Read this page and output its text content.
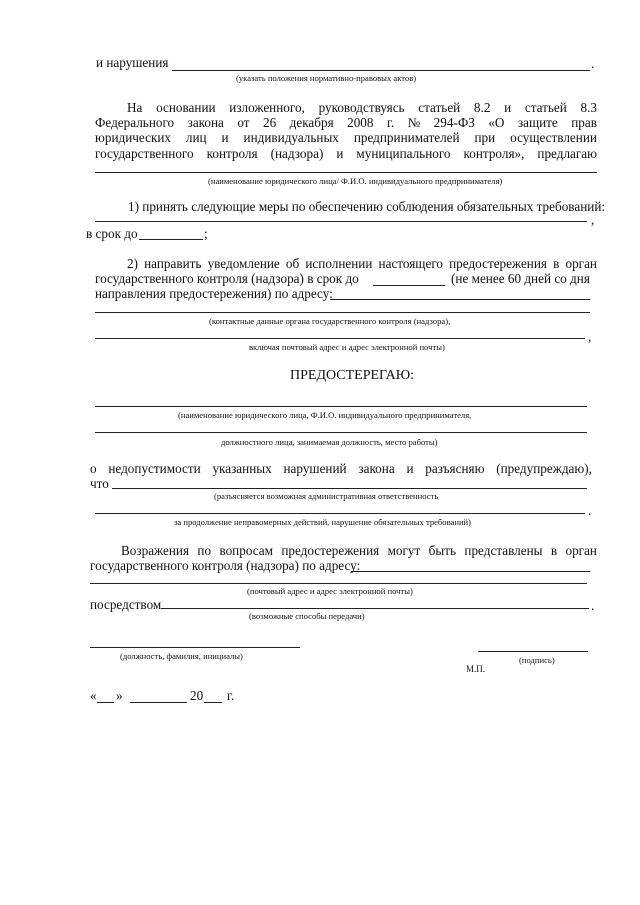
и нарушения	.
(указать положения нормативно-правовых актов)
На основании изложенного, руководствуясь статьей 8.2 и статьей 8.3
Федерального закона от 26 декабря 2008 г. № 294-ФЗ «О защите прав
юридических лиц и индивидуальных предпринимателей при осуществлении
государственного контроля (надзора) и муниципального контроля», предлагаю
(наименование юридического лица/ Ф.И.О. индивидуального предпринимателя)
1) принять следующие меры по обеспечению соблюдения обязательных требований:
,
в срок до	;
2) направить уведомление об исполнении настоящего предостережения в орган
государственного контроля (надзора) в срок до	(не менее 60 дней со дня
направления предостережения) по адресу:
(контактные данные органа государственного контроля (надзора),
,
включая почтовый адрес и адрес электронной почты)
ПРЕДОСТЕРЕГАЮ:
(наименование юридического лица, Ф.И.О. индивидуального предпринимателя,
должностного лица, занимаемая должность, место работы)
о недопустимости указанных нарушений закона и разъясняю (предупреждаю),
что
(разъясняется возможная административная ответственность
.
за продолжение неправомерных действий, нарушение обязательных требований)
Возражения по вопросам предостережения могут быть представлены в орган
государственного контроля (надзора) по адресу:
(почтовый адрес и адрес электронной почты)
посредством	.
(возможные способы передачи)
(должность, фамилия, инициалы)	(подпись)
М.П.
« »	20 г.
